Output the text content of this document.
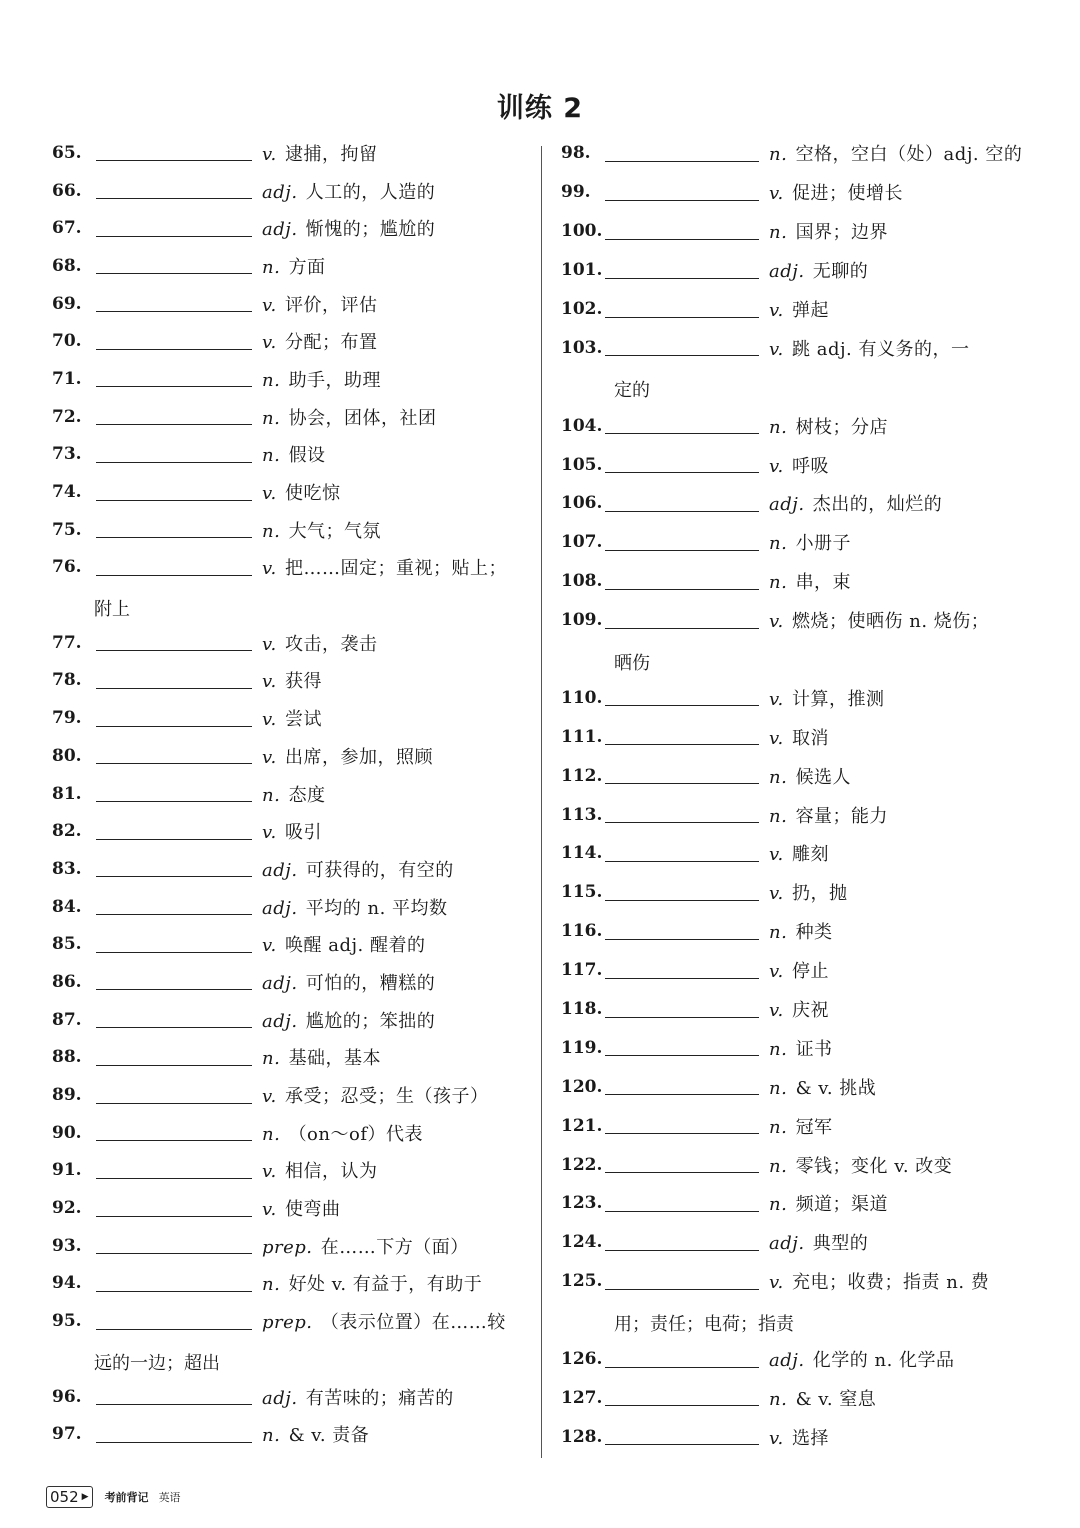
训练 2
65.	v. 逮捕，拘留
66.	adj. 人工的，人造的
67.	adj. 惭愧的；尴尬的
68.	n. 方面
69.	v. 评价，评估
70.	v. 分配；布置
71.	n. 助手，助理
72.	n. 协会，团体，社团
73.	n. 假设
74.	v. 使吃惊
75.	n. 大气；气氛
76.	v. 把……固定；重视；贴上；
附上
77.	v. 攻击，袭击
78.	v. 获得
79.	v. 尝试
80.	v. 出席，参加，照顾
81.	n. 态度
82.	v. 吸引
83.	adj. 可获得的，有空的
84.	adj. 平均的 n. 平均数
85.	v. 唤醒 adj. 醒着的
86.	adj. 可怕的，糟糕的
87.	adj. 尴尬的；笨拙的
88.	n. 基础，基本
89.	v. 承受；忍受；生（孩子）
90.	n. （on～of）代表
91.	v. 相信，认为
92.	v. 使弯曲
93.	prep. 在……下方（面）
94.	n. 好处 v. 有益于，有助于
95.	prep. （表示位置）在……较
远的一边；超出
96.	adj. 有苦味的；痛苦的
97.	n. & v. 责备
98.	n. 空格，空白（处）adj. 空的
99.	v. 促进；使增长
100.	n. 国界；边界
101.	adj. 无聊的
102.	v. 弹起
103.	v. 跳 adj. 有义务的，一
定的
104.	n. 树枝；分店
105.	v. 呼吸
106.	adj. 杰出的，灿烂的
107.	n. 小册子
108.	n. 串，束
109.	v. 燃烧；使晒伤 n. 烧伤；
晒伤
110.	v. 计算，推测
111.	v. 取消
112.	n. 候选人
113.	n. 容量；能力
114.	v. 雕刻
115.	v. 扔，抛
116.	n. 种类
117.	v. 停止
118.	v. 庆祝
119.	n. 证书
120.	n. & v. 挑战
121.	n. 冠军
122.	n. 零钱；变化 v. 改变
123.	n. 频道；渠道
124.	adj. 典型的
125.	v. 充电；收费；指责 n. 费
用；责任；电荷；指责
126.	adj. 化学的 n. 化学品
127.	n. & v. 窒息
128.	v. 选择
052 ▶ 考前背记 英语
